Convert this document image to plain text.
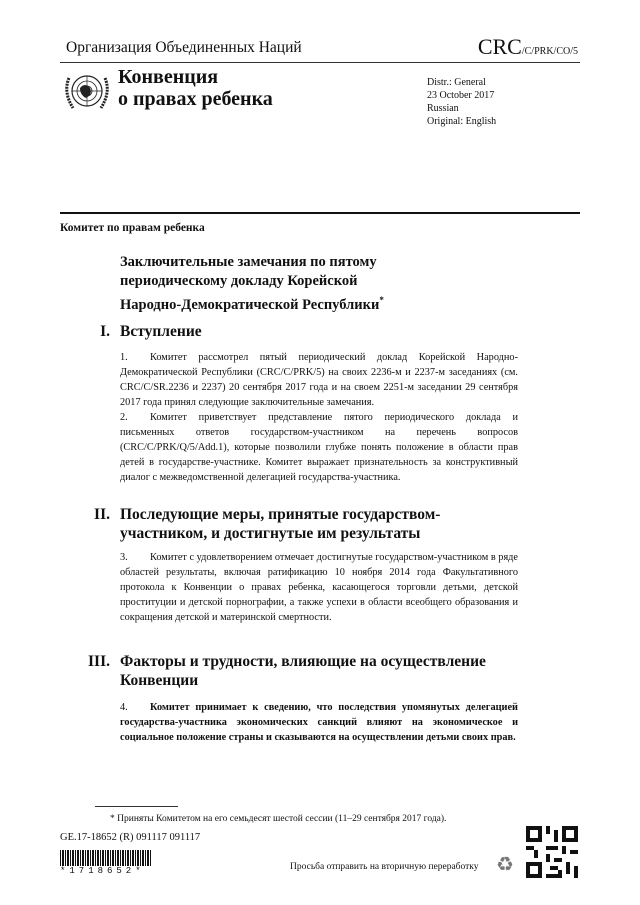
Организация Объединенных Наций	CRC/C/PRK/CO/5
Конвенция
о правах ребенка
Distr.: General
23 October 2017
Russian
Original: English
Комитет по правам ребенка
Заключительные замечания по пятому
периодическому докладу Корейской
Народно-Демократической Республики*
I. Вступление
1. Комитет рассмотрел пятый периодический доклад Корейской Народно-Демократической Республики (CRC/C/PRK/5) на своих 2236-м и 2237-м заседаниях (см. CRC/C/SR.2236 и 2237) 20 сентября 2017 года и на своем 2251-м заседании 29 сентября 2017 года принял следующие заключительные замечания.
2. Комитет приветствует представление пятого периодического доклада и письменных ответов государством-участником на перечень вопросов (CRC/C/PRK/Q/5/Add.1), которые позволили глубже понять положение в области прав детей в государстве-участнике. Комитет выражает признательность за конструктивный диалог с межведомственной делегацией государства-участника.
II. Последующие меры, принятые государством-
участником, и достигнутые им результаты
3. Комитет с удовлетворением отмечает достигнутые государством-участником в ряде областей результаты, включая ратификацию 10 ноября 2014 года Факультативного протокола к Конвенции о правах ребенка, касающегося торговли детьми, детской проституции и детской порнографии, а также успехи в области всеобщего образования и сокращения детской и материнской смертности.
III. Факторы и трудности, влияющие на осуществление
Конвенции
4. Комитет принимает к сведению, что последствия упомянутых делегацией государства-участника экономических санкций влияют на экономическое и социальное положение страны и сказываются на осуществлении детьми своих прав.
* Приняты Комитетом на его семьдесят шестой сессии (11–29 сентября 2017 года).
GE.17-18652 (R) 091117 091117
*1718652*	Просьба отправить на вторичную переработку ♻
